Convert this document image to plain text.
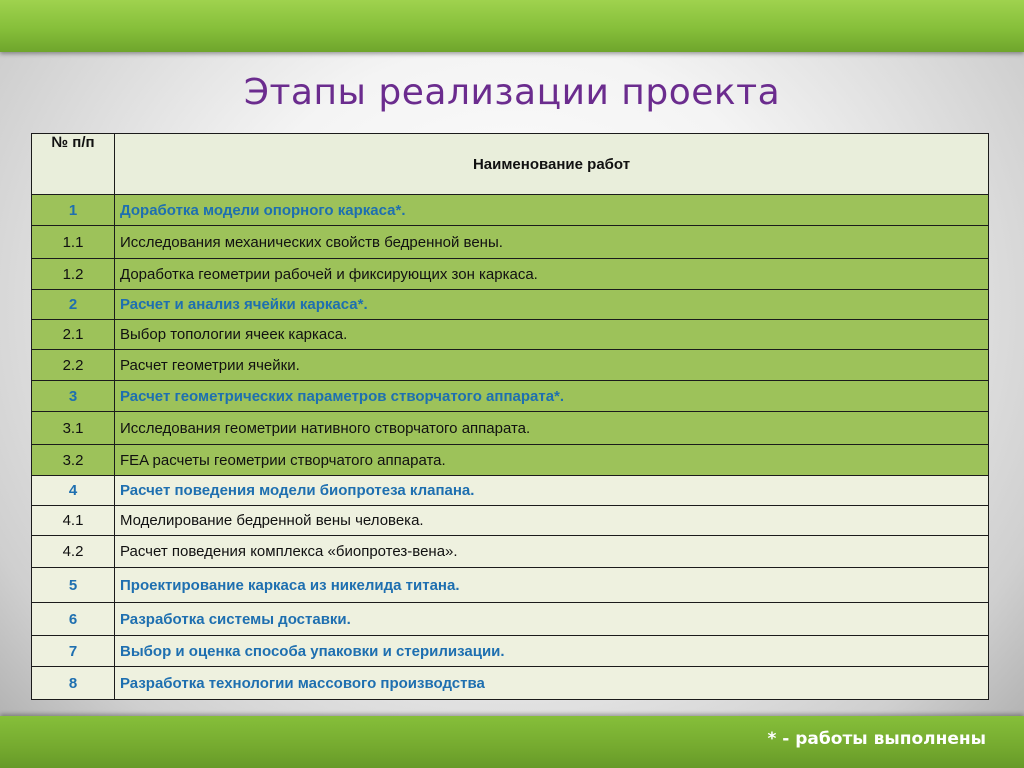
Этапы реализации проекта
№ п/п	Наименование работ
1	Доработка модели опорного каркаса*.
1.1	Исследования механических свойств бедренной вены.
1.2	Доработка геометрии рабочей и фиксирующих зон каркаса.
2	Расчет и анализ ячейки каркаса*.
2.1	Выбор топологии ячеек каркаса.
2.2	Расчет геометрии ячейки.
3	Расчет геометрических параметров створчатого аппарата*.
3.1	Исследования геометрии нативного створчатого аппарата.
3.2	FEA расчеты геометрии створчатого аппарата.
4	Расчет поведения модели биопротеза клапана.
4.1	Моделирование бедренной вены человека.
4.2	Расчет поведения комплекса «биопротез-вена».
5	Проектирование каркаса из никелида титана.
6	Разработка системы доставки.
7	Выбор и оценка способа упаковки и стерилизации.
8	Разработка технологии массового производства
* - работы выполнены
